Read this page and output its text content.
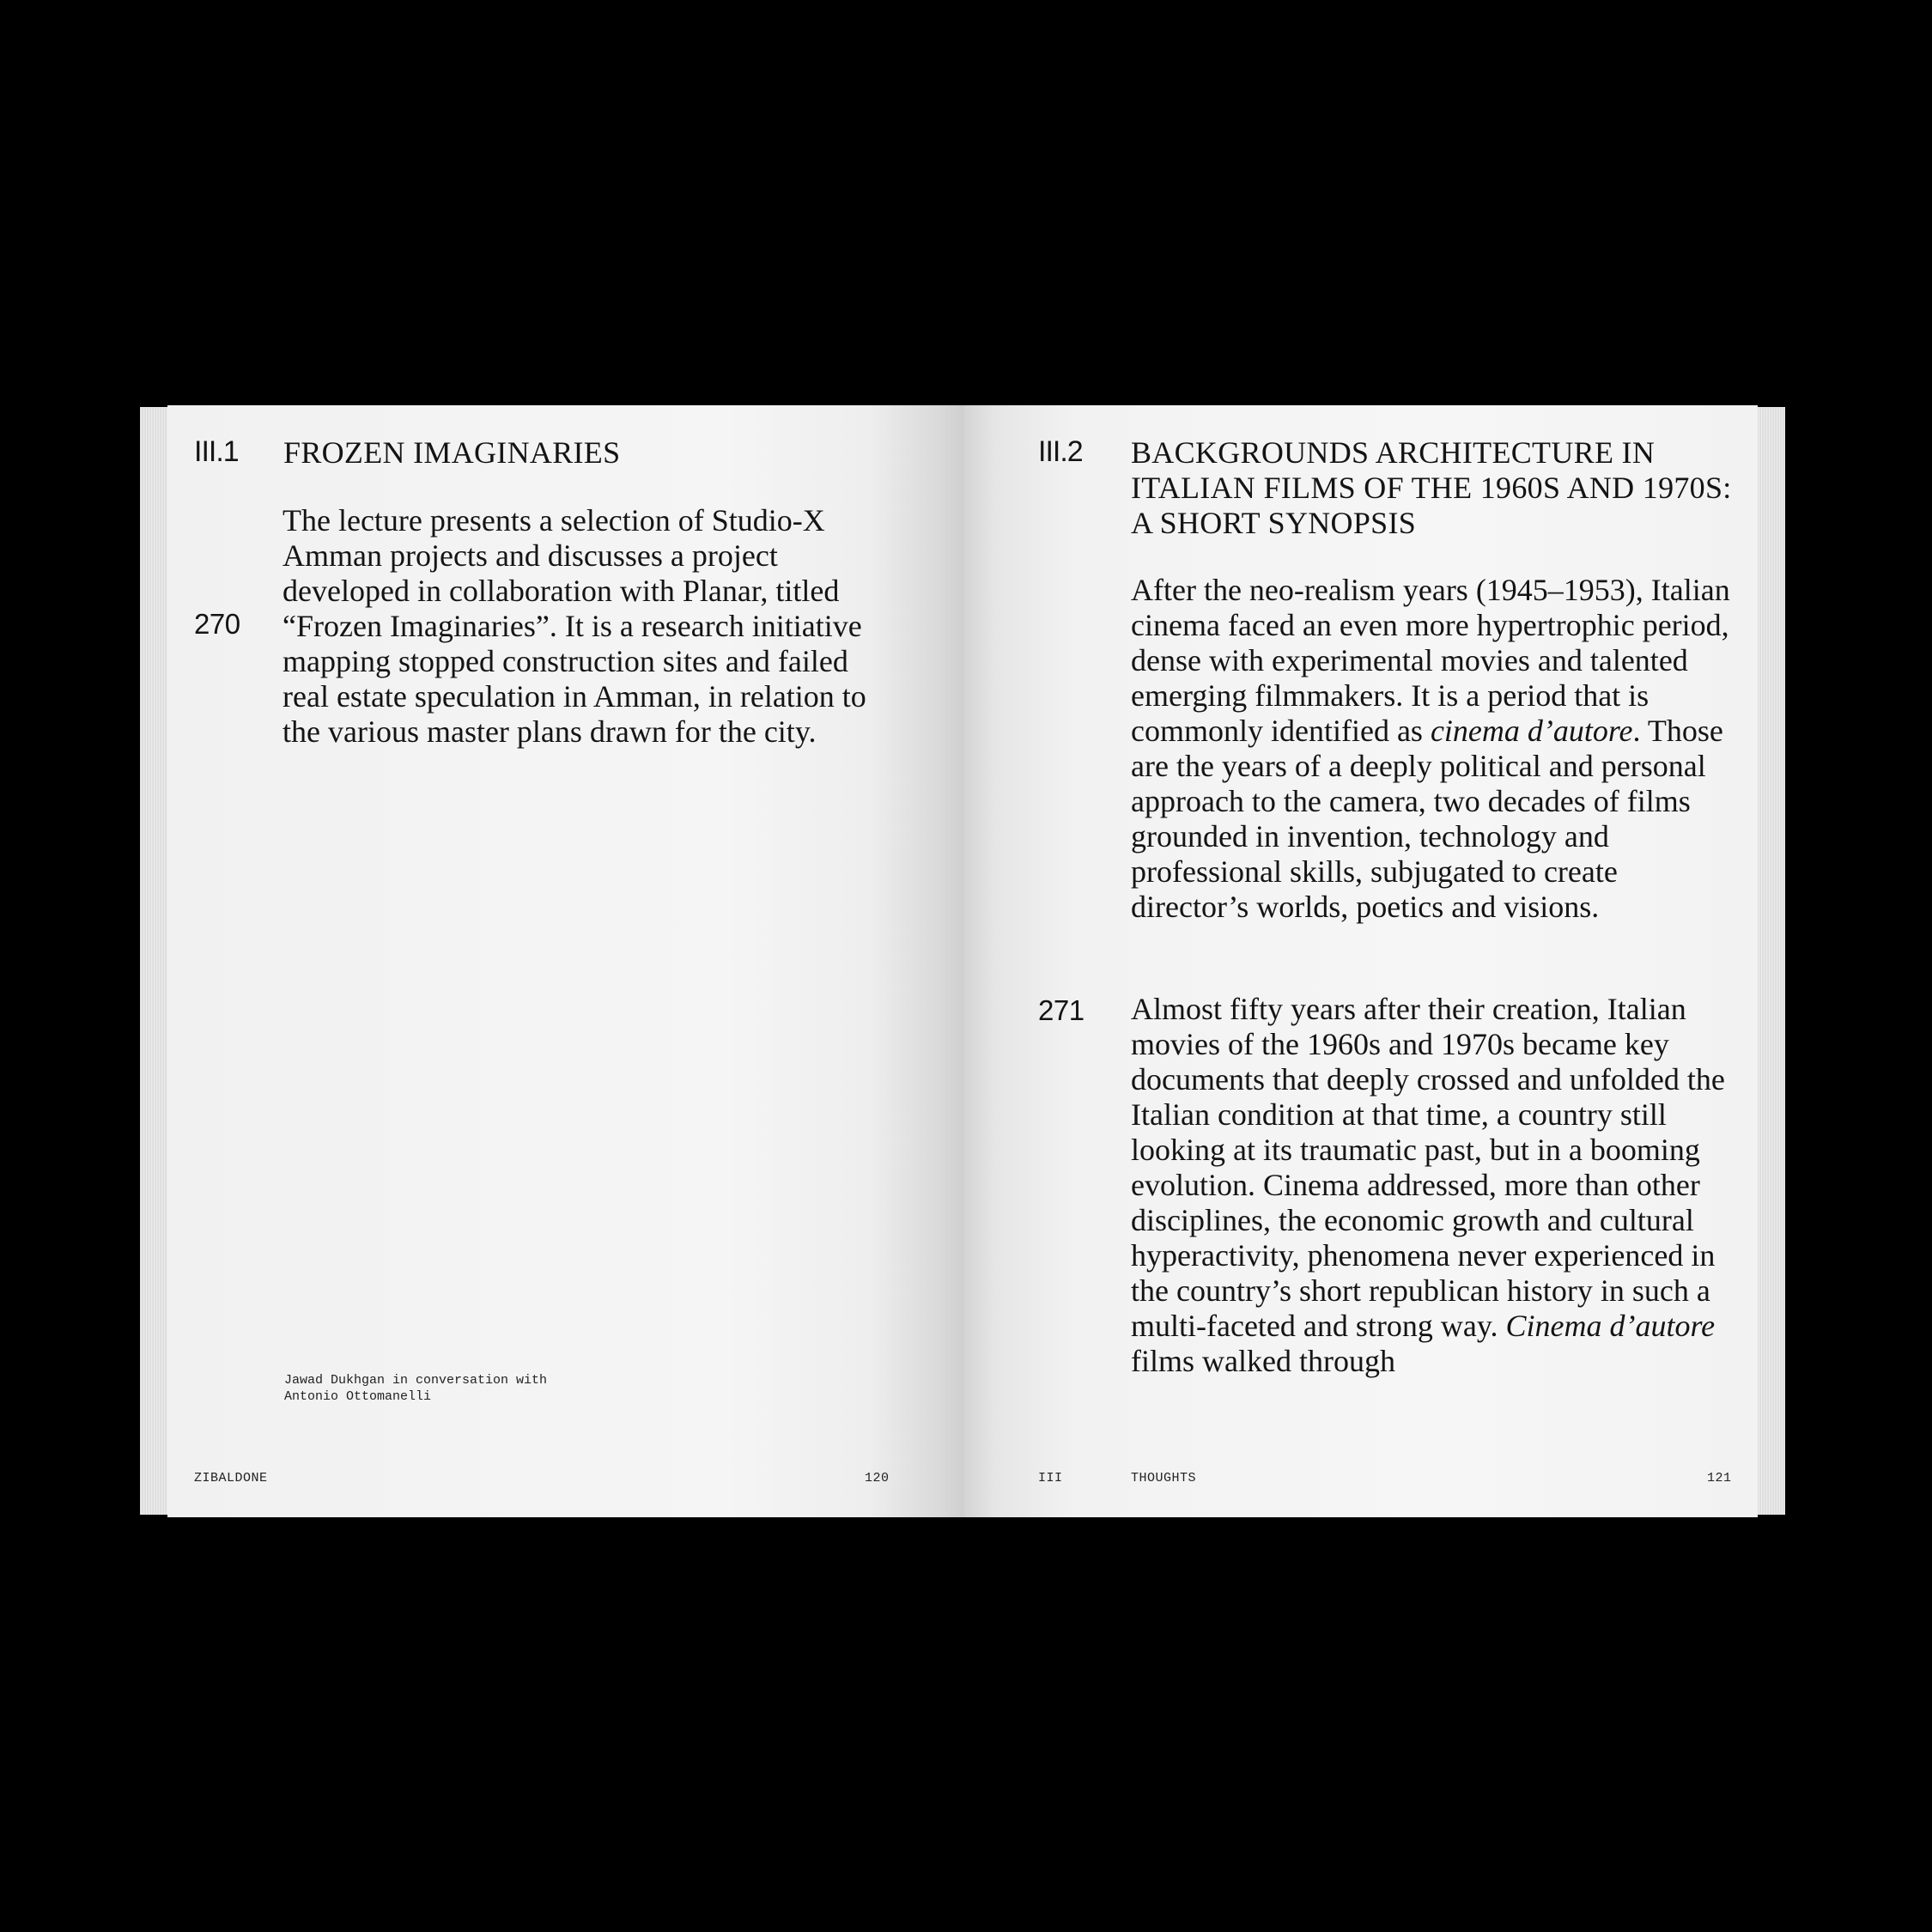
III.1 FROZEN IMAGINARIES
270

The lecture presents a selection of Studio-X Amman projects and discusses a project developed in collaboration with Planar, titled “Frozen Imaginaries”. It is a research initiative mapping stopped construction sites and failed real estate speculation in Amman, in relation to the various master plans drawn for the city.

Jawad Dukhgan in conversation with
Antonio Ottomanelli

ZIBALDONE	120
III.2 BACKGROUNDS ARCHITECTURE IN ITALIAN FILMS OF THE 1960S AND 1970S: A SHORT SYNOPSIS

After the neo-realism years (1945–1953), Italian cinema faced an even more hypertrophic period, dense with experimental movies and talented emerging filmmakers. It is a period that is commonly identified as cinema d’autore. Those are the years of a deeply political and personal approach to the camera, two decades of films grounded in invention, technology and professional skills, subjugated to create director’s worlds, poetics and visions.

271 Almost fifty years after their creation, Italian movies of the 1960s and 1970s became key documents that deeply crossed and unfolded the Italian condition at that time, a country still looking at its traumatic past, but in a booming evolution. Cinema addressed, more than other disciplines, the economic growth and cultural hyperactivity, phenomena never experienced in the country’s short republican history in such a multi-faceted and strong way. Cinema d’autore films walked through

III	THOUGHTS	121
